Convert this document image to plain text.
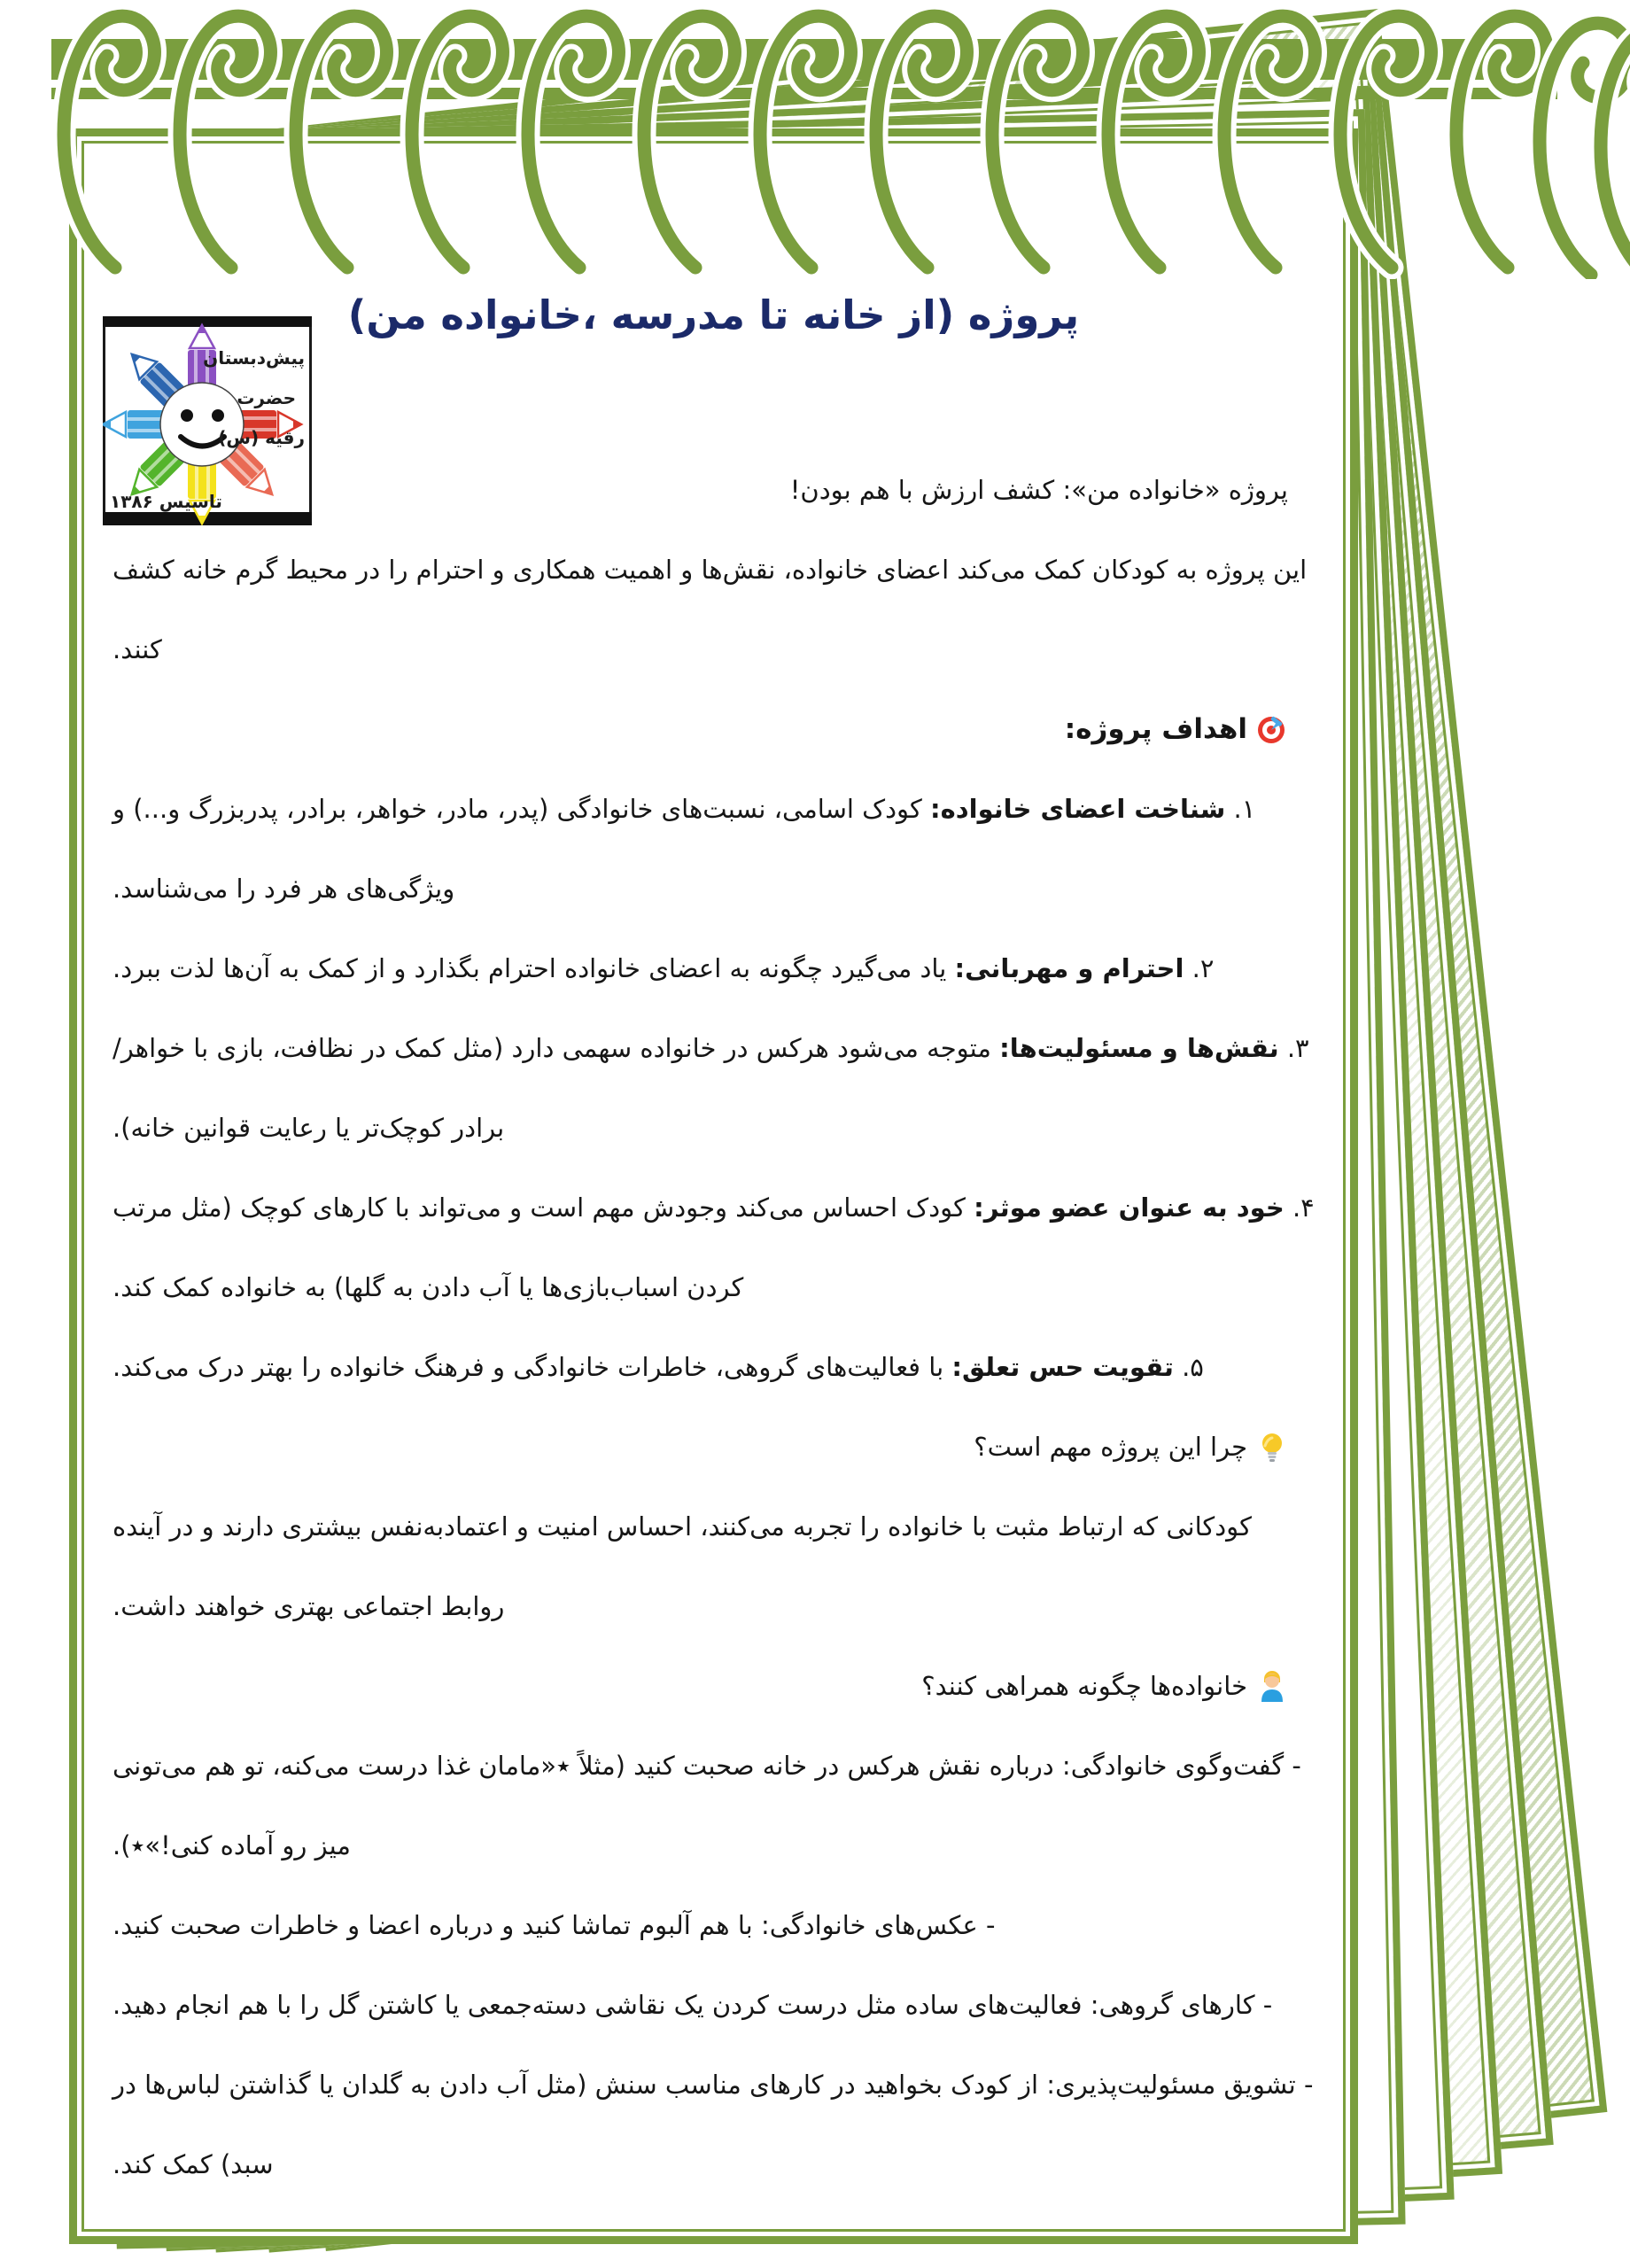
پروژه (از خانه تا مدرسه ،خانواده من)

پروژه «خانواده من»: کشف ارزش با هم بودن!

این پروژه به کودکان کمک می‌کند اعضای خانواده، نقش‌ها و اهمیت همکاری و احترام را در محیط گرم خانه کشف کنند.

اهداف پروژه:

۱. شناخت اعضای خانواده: کودک اسامی، نسبت‌های خانوادگی (پدر، مادر، خواهر، برادر، پدربزرگ و...) و ویژگی‌های هر فرد را می‌شناسد.

۲. احترام و مهربانی: یاد می‌گیرد چگونه به اعضای خانواده احترام بگذارد و از کمک به آن‌ها لذت ببرد.

۳. نقش‌ها و مسئولیت‌ها: متوجه می‌شود هرکس در خانواده سهمی دارد (مثل کمک در نظافت، بازی با خواهر/برادر کوچک‌تر یا رعایت قوانین خانه).

۴. خود به عنوان عضو موثر: کودک احساس می‌کند وجودش مهم است و می‌تواند با کارهای کوچک (مثل مرتب کردن اسباب‌بازی‌ها یا آب دادن به گلها) به خانواده کمک کند.

۵. تقویت حس تعلق: با فعالیت‌های گروهی، خاطرات خانوادگی و فرهنگ خانواده را بهتر درک می‌کند.

چرا این پروژه مهم است؟

کودکانی که ارتباط مثبت با خانواده را تجربه می‌کنند، احساس امنیت و اعتمادبه‌نفس بیشتری دارند و در آینده روابط اجتماعی بهتری خواهند داشت.

خانواده‌ها چگونه همراهی کنند؟

- گفت‌وگوی خانوادگی: درباره نقش هرکس در خانه صحبت کنید (مثلاً ٭«مامان غذا درست می‌کنه، تو هم می‌تونی میز رو آماده کنی!»٭).

- عکس‌های خانوادگی: با هم آلبوم تماشا کنید و درباره اعضا و خاطرات صحبت کنید.

- کارهای گروهی: فعالیت‌های ساده مثل درست کردن یک نقاشی دسته‌جمعی یا کاشتن گل را با هم انجام دهید.

- تشویق مسئولیت‌پذیری: از کودک بخواهید در کارهای مناسب سنش (مثل آب دادن به گلدان یا گذاشتن لباس‌ها در سبد) کمک کند.

پیش‌دبستان
حضرت
رقیه (س)
تاسیس ۱۳۸۶
